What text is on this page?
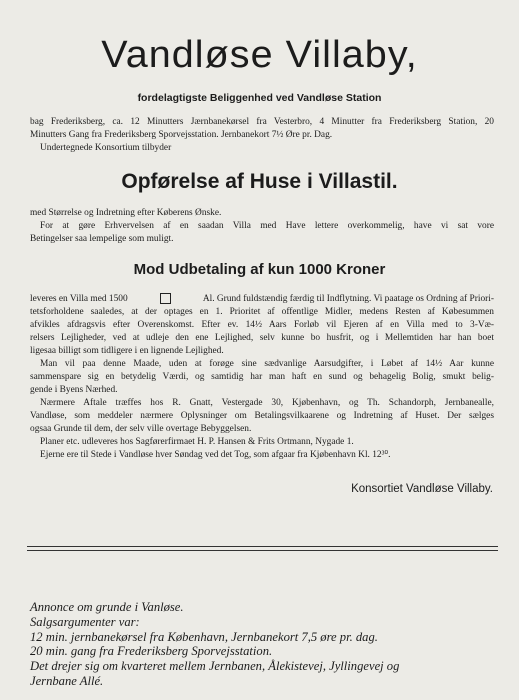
Vandløse Villaby,
fordelagtigste Beliggenhed ved Vandløse Station
bag Frederiksberg, ca. 12 Minutters Jærnbanekørsel fra Vesterbro, 4 Minutter fra Frederiksberg Station, 20
Minutters Gang fra Frederiksberg Sporvejsstation. Jernbanekort 7½ Øre pr. Dag.
Undertegnede Konsortium tilbyder
Opførelse af Huse i Villastil.
med Størrelse og Indretning efter Køberens Ønske.
For at gøre Erhvervelsen af en saadan Villa med Have lettere overkommelig, have vi sat vore
Betingelser saa lempelige som muligt.
Mod Udbetaling af kun 1000 Kroner
leveres en Villa med 1500	Al. Grund fuldstændig færdig til Indflytning. Vi paatage os Ordning af Priori-
tetsforholdene saaledes, at der optages en 1. Prioritet af offentlige Midler, medens Resten af Købesummen
afvikles afdragsvis efter Overenskomst. Efter ev. 14½ Aars Forløb vil Ejeren af en Villa med to 3-Væ-
relsers Lejligheder, ved at udleje den ene Lejlighed, selv kunne bo husfrit, og i Mellemtiden har han boet
ligesaa billigt som tidligere i en lignende Lejlighed.
Man vil paa denne Maade, uden at forøge sine sædvanlige Aarsudgifter, i Løbet af 14½ Aar kunne
sammenspare sig en betydelig Værdi, og samtidig har man haft en sund og behagelig Bolig, smukt belig-
gende i Byens Nærhed.
Nærmere Aftale træffes hos R. Gnatt, Vestergade 30, Kjøbenhavn, og Th. Schandorph, Jernbanealle,
Vandløse, som meddeler nærmere Oplysninger om Betalingsvilkaarene og Indretning af Huset. Der sælges
ogsaa Grunde til dem, der selv ville overtage Bebyggelsen.
Planer etc. udleveres hos Sagførerfirmaet H. P. Hansen & Frits Ortmann, Nygade 1.
Ejerne ere til Stede i Vandløse hver Søndag ved det Tog, som afgaar fra Kjøbenhavn Kl. 12³⁰.
Konsortiet Vandløse Villaby.
Annonce om grunde i Vanløse.
Salgsargumenter var:
12 min. jernbanekørsel fra København, Jernbanekort 7,5 øre pr. dag.
20 min. gang fra Frederiksberg Sporvejsstation.
Det drejer sig om kvarteret mellem Jernbanen, Ålekistevej, Jyllingevej og
Jernbane Allé.
